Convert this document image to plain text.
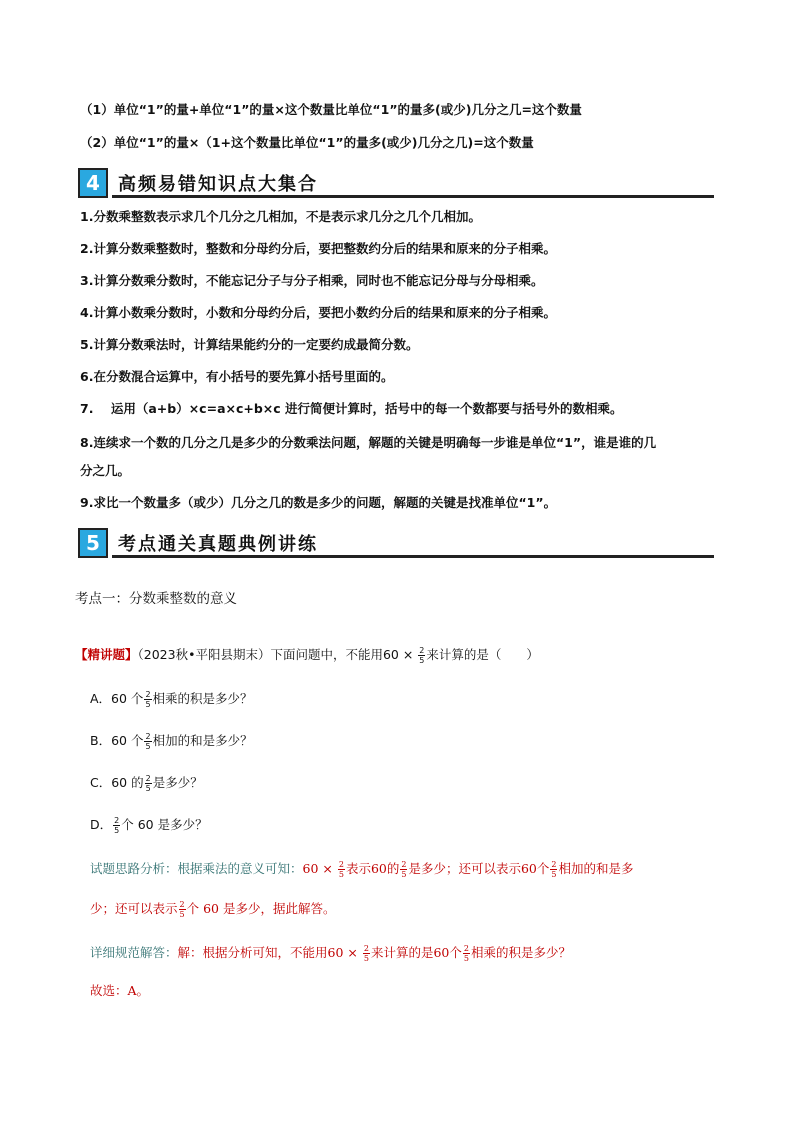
（1）单位“1”的量+单位“1”的量×这个数量比单位“1”的量多(或少)几分之几=这个数量
（2）单位“1”的量×（1+这个数量比单位“1”的量多(或少)几分之几)=这个数量
4	高频易错知识点大集合
1.分数乘整数表示求几个几分之几相加，不是表示求几分之几个几相加。
2.计算分数乘整数时，整数和分母约分后，要把整数约分后的结果和原来的分子相乘。
3.计算分数乘分数时，不能忘记分子与分子相乘，同时也不能忘记分母与分母相乘。
4.计算小数乘分数时，小数和分母约分后，要把小数约分后的结果和原来的分子相乘。
5.计算分数乘法时，计算结果能约分的一定要约成最简分数。
6.在分数混合运算中，有小括号的要先算小括号里面的。
7.    运用（a+b）×c=a×c+b×c 进行简便计算时，括号中的每一个数都要与括号外的数相乘。
8.连续求一个数的几分之几是多少的分数乘法问题，解题的关键是明确每一步谁是单位“1”，谁是谁的几
分之几。
9.求比一个数量多（或少）几分之几的数是多少的问题，解题的关键是找准单位“1”。
5	考点通关真题典例讲练
考点一：分数乘整数的意义
【精讲题】（2023秋•平阳县期末）下面问题中，不能用$60 \times \frac{2}{5}$ 来计算的是（　　）
A．60 个 $\frac{2}{5}$ 相乘的积是多少？
B．60 个 $\frac{2}{5}$ 相加的和是多少？
C．60 的 $\frac{2}{5}$ 是多少？
D． $\frac{2}{5}$ 个 60 是多少？
试题思路分析：根据乘法的意义可知：$60 \times \frac{2}{5}$ 表示60的 $\frac{2}{5}$ 是多少；还可以表示60个 $\frac{2}{5}$ 相加的和是多
少；还可以表示 $\frac{2}{5}$ 个 60 是多少，据此解答。
详细规范解答：解：根据分析可知，不能用$60 \times \frac{2}{5}$ 来计算的是60个 $\frac{2}{5}$ 相乘的积是多少？
故选：A。
